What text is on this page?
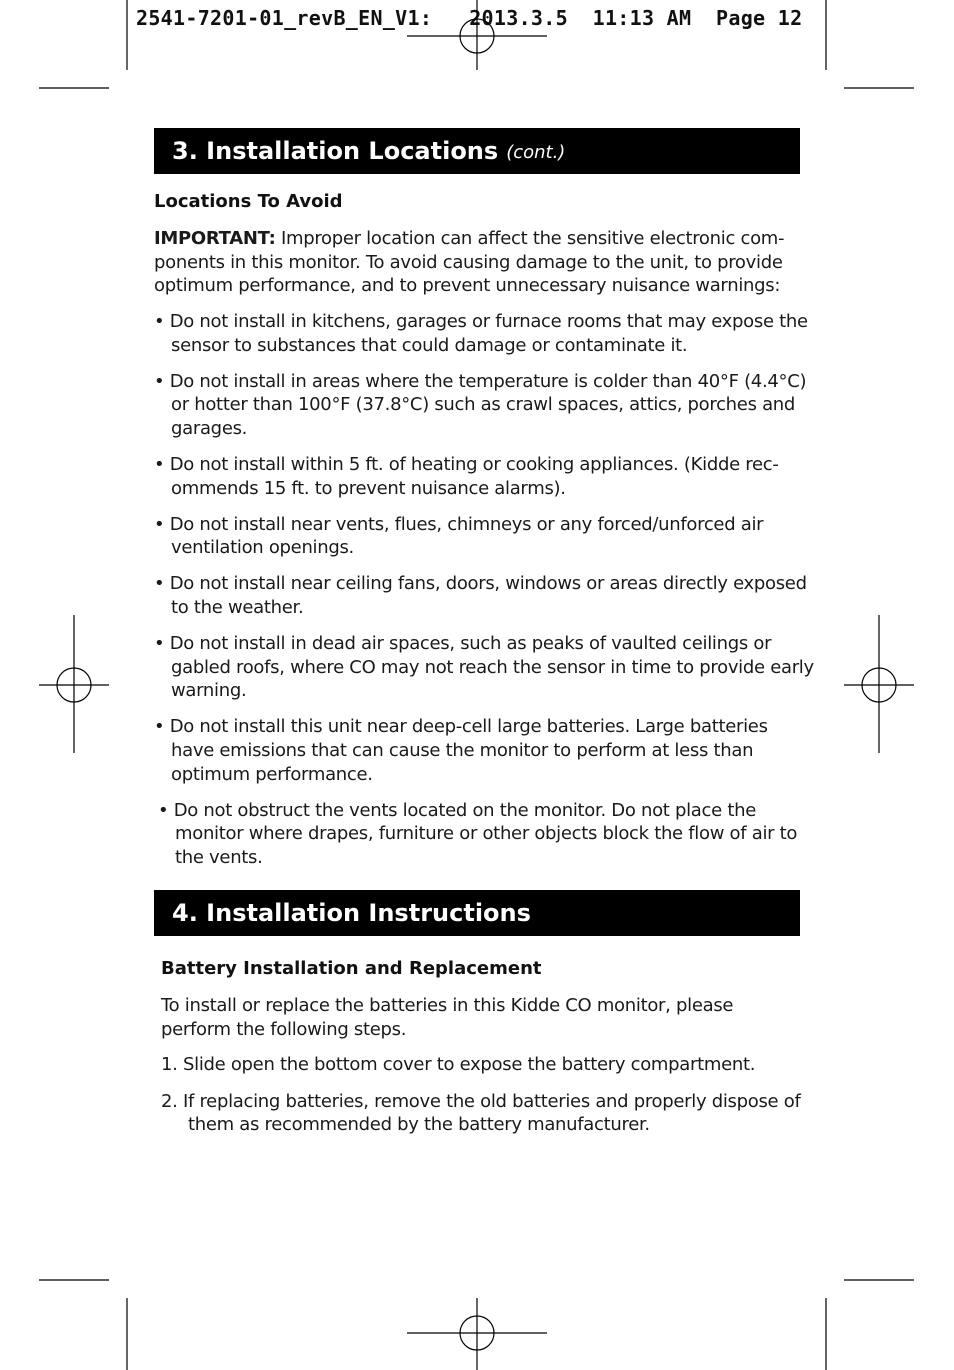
2541-7201-01_revB_EN_V1:   2013.3.5  11:13 AM  Page 12
3. Installation Locations (cont.)
Locations To Avoid

IMPORTANT: Improper location can affect the sensitive electronic com-ponents in this monitor. To avoid causing damage to the unit, to provide optimum performance, and to prevent unnecessary nuisance warnings:

• Do not install in kitchens, garages or furnace rooms that may expose the sensor to substances that could damage or contaminate it.
• Do not install in areas where the temperature is colder than 40°F (4.4°C) or hotter than 100°F (37.8°C) such as crawl spaces, attics, porches and garages.
• Do not install within 5 ft. of heating or cooking appliances. (Kidde rec-ommends 15 ft. to prevent nuisance alarms).
• Do not install near vents, flues, chimneys or any forced/unforced air ventilation openings.
• Do not install near ceiling fans, doors, windows or areas directly exposed to the weather.
• Do not install in dead air spaces, such as peaks of vaulted ceilings or gabled roofs, where CO may not reach the sensor in time to provide early warning.
• Do not install this unit near deep-cell large batteries. Large batteries have emissions that can cause the monitor to perform at less than optimum performance.
• Do not obstruct the vents located on the monitor. Do not place the monitor where drapes, furniture or other objects block the flow of air to the vents.
4. Installation Instructions
Battery Installation and Replacement

To install or replace the batteries in this Kidde CO monitor, please perform the following steps.

1. Slide open the bottom cover to expose the battery compartment.
2. If replacing batteries, remove the old batteries and properly dispose of them as recommended by the battery manufacturer.
